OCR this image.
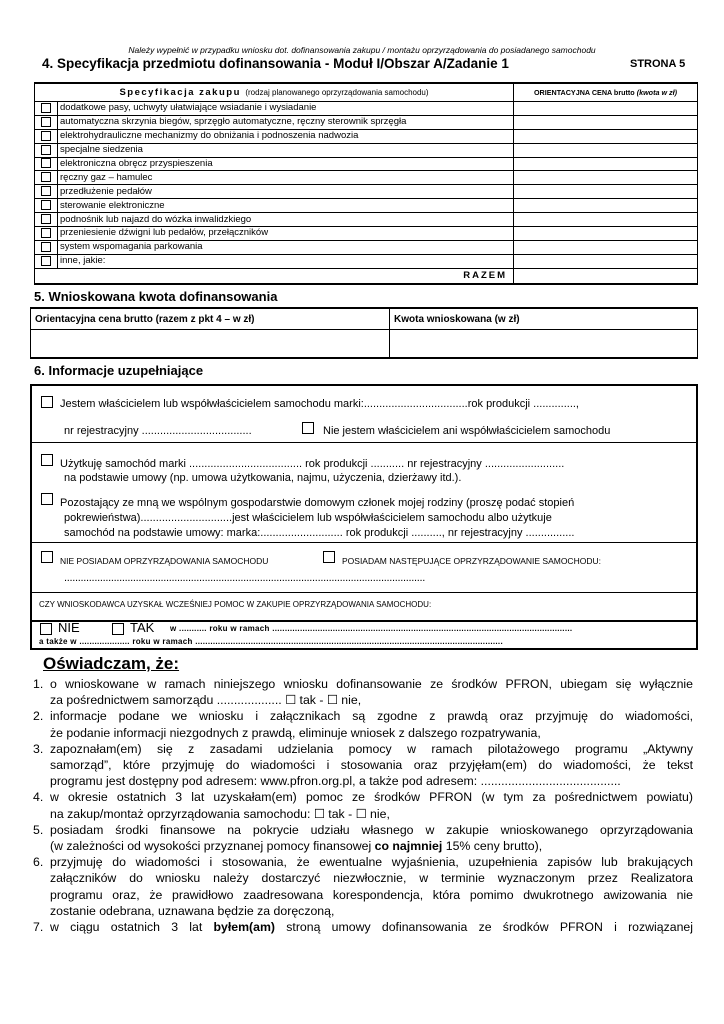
Należy wypełnić w przypadku wniosku dot. dofinansowania zakupu / montażu oprzyrządowania do posiadanego samochodu
4. Specyfikacja przedmiotu dofinansowania - Moduł I/Obszar A/Zadanie 1	STRONA 5
Specyfikacja zakupu (rodzaj planowanego oprzyrządowania samochodu)		ORIENTACYJNA CENA brutto (kwota w zł)
	dodatkowe pasy, uchwyty ułatwiające wsiadanie i wysiadanie	
	automatyczna skrzynia biegów, sprzęgło automatyczne, ręczny sterownik sprzęgła	
	elektrohydrauliczne mechanizmy do obniżania i podnoszenia nadwozia	
	specjalne siedzenia	
	elektroniczna obręcz przyspieszenia	
	ręczny gaz – hamulec	
	przedłużenie pedałów	
	sterowanie elektroniczne	
	podnośnik lub najazd do wózka inwalidzkiego	
	przeniesienie dźwigni lub pedałów, przełączników	
	system wspomagania parkowania	
	inne, jakie:	
RAZEM		
5. Wnioskowana kwota dofinansowania
Orientacyjna cena brutto (razem z pkt 4 – w zł)	Kwota wnioskowana (w zł)

6. Informacje uzupełniające
Jestem właścicielem lub współwłaścicielem samochodu marki:..................................rok produkcji ..............,
nr rejestracyjny ....................................	Nie jestem właścicielem ani współwłaścicielem samochodu
Użytkuję samochód marki ..................................... rok produkcji ........... nr rejestracyjny ..........................
na podstawie umowy (np. umowa użytkowania, najmu, użyczenia, dzierżawy itd.).
Pozostający ze mną we wspólnym gospodarstwie domowym członek mojej rodziny (proszę podać stopień
pokrewieństwa)..............................jest właścicielem lub współwłaścicielem samochodu albo użytkuje
samochód na podstawie umowy: marka:........................... rok produkcji .........., nr rejestracyjny ................
NIE POSIADAM OPRZYRZĄDOWANIA SAMOCHODU	POSIADAM NASTĘPUJĄCE OPRZYRZĄDOWANIE SAMOCHODU:
...................................................................................................................................
CZY WNIOSKODAWCA UZYSKAŁ WCZEŚNIEJ POMOC W ZAKUPIE OPRZYRZĄDOWANIA SAMOCHODU:
NIE	TAK w ........... roku w ramach .......................................................................................................................
a także w .................... roku w ramach ..........................................................................................................................
Oświadczam, że:
1. o wnioskowane w ramach niniejszego wniosku dofinansowanie ze środków PFRON, ubiegam się wyłącznie
za pośrednictwem samorządu ................... ☐ tak - ☐ nie,
2. informacje podane we wniosku i załącznikach są zgodne z prawdą oraz przyjmuję do wiadomości,
że podanie informacji niezgodnych z prawdą, eliminuje wniosek z dalszego rozpatrywania,
3. zapoznałam(em) się z zasadami udzielania pomocy w ramach pilotażowego programu „Aktywny
samorząd”, które przyjmuję do wiadomości i stosowania oraz przyjęłam(em) do wiadomości, że tekst
programu jest dostępny pod adresem: www.pfron.org.pl, a także pod adresem: .........................................
4. w okresie ostatnich 3 lat uzyskałam(em) pomoc ze środków PFRON (w tym za pośrednictwem powiatu)
na zakup/montaż oprzyrządowania samochodu: ☐ tak - ☐ nie,
5. posiadam środki finansowe na pokrycie udziału własnego w zakupie wnioskowanego oprzyrządowania
(w zależności od wysokości przyznanej pomocy finansowej co najmniej 15% ceny brutto),
6. przyjmuję do wiadomości i stosowania, że ewentualne wyjaśnienia, uzupełnienia zapisów lub brakujących
załączników do wniosku należy dostarczyć niezwłocznie, w terminie wyznaczonym przez Realizatora
programu oraz, że prawidłowo zaadresowana korespondencja, która pomimo dwukrotnego awizowania nie
zostanie odebrana, uznawana będzie za doręczoną,
7. w ciągu ostatnich 3 lat byłem(am) stroną umowy dofinansowania ze środków PFRON i rozwiązanej
